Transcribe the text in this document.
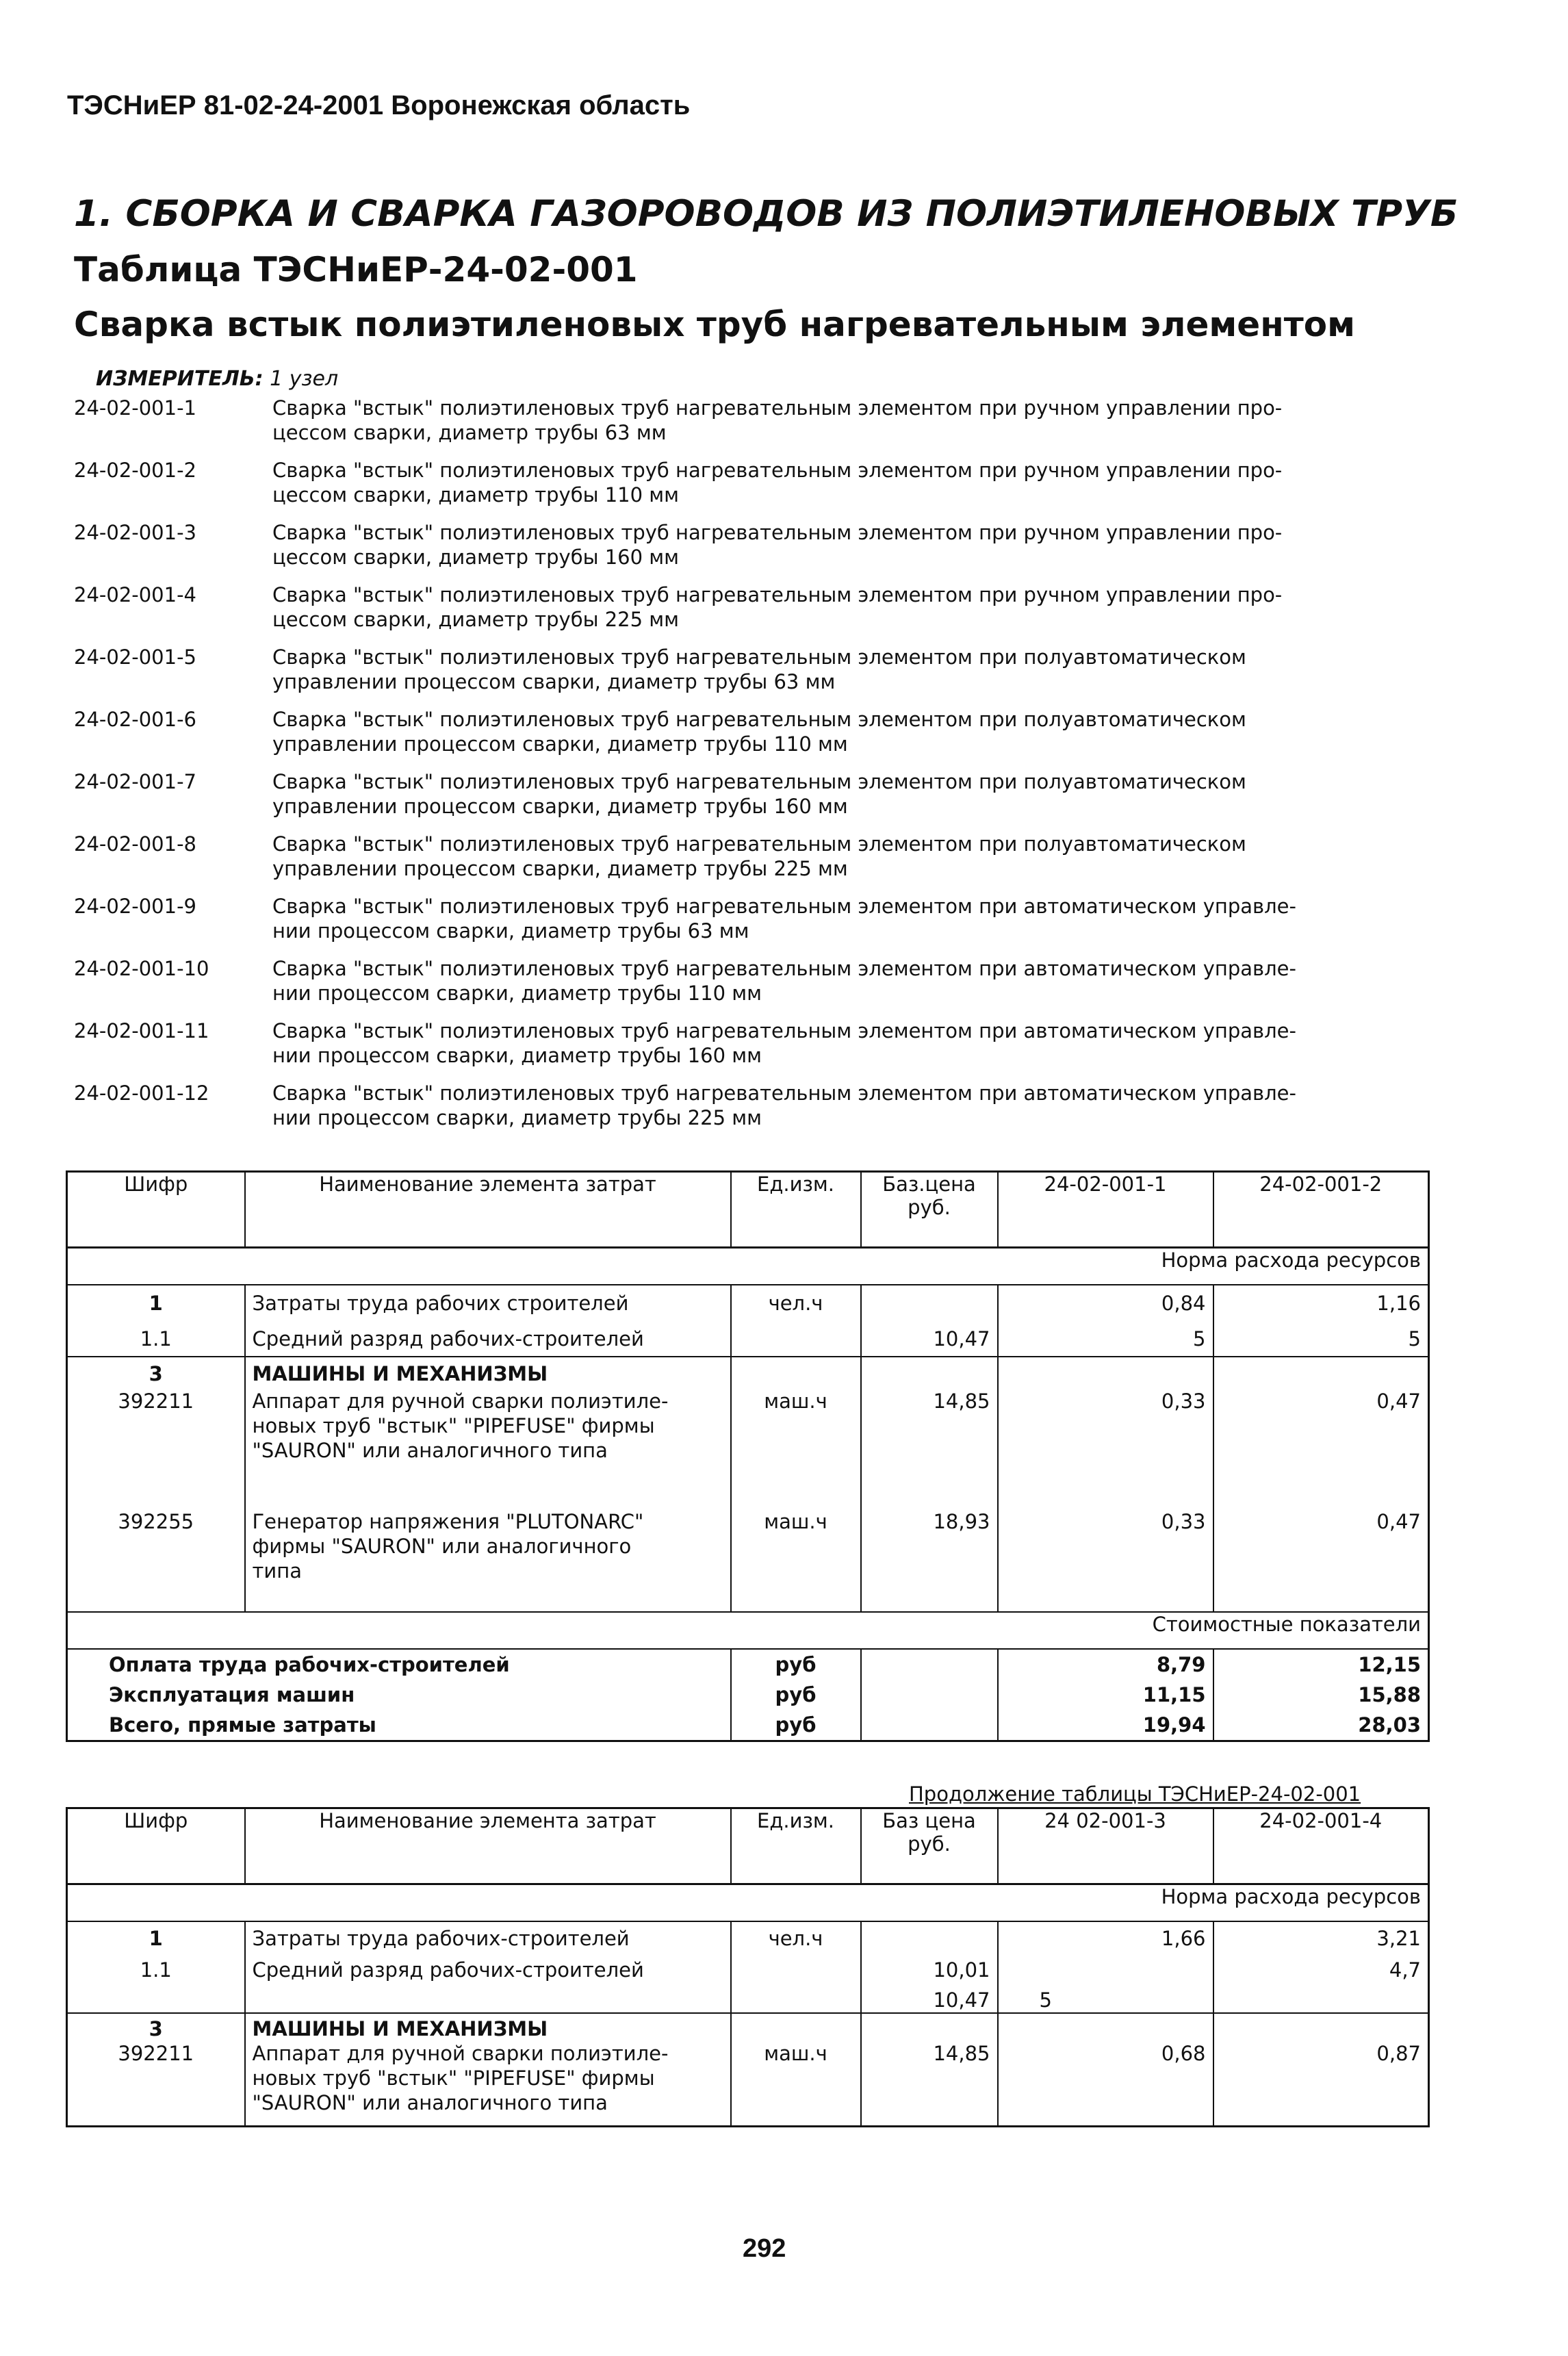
ТЭСНиЕР 81-02-24-2001 Воронежская область
1. СБОРКА И СВАРКА ГАЗОРОВОДОВ ИЗ ПОЛИЭТИЛЕНОВЫХ ТРУБ
Таблица ТЭСНиЕР-24-02-001
Сварка встык полиэтиленовых труб нагревательным элементом
ИЗМЕРИТЕЛЬ: 1 узел
24-02-001-1	Сварка "встык" полиэтиленовых труб нагревательным элементом при ручном управлении про-
цессом сварки, диаметр трубы 63 мм
24-02-001-2	Сварка "встык" полиэтиленовых труб нагревательным элементом при ручном управлении про-
цессом сварки, диаметр трубы 110 мм
24-02-001-3	Сварка "встык" полиэтиленовых труб нагревательным элементом при ручном управлении про-
цессом сварки, диаметр трубы 160 мм
24-02-001-4	Сварка "встык" полиэтиленовых труб нагревательным элементом при ручном управлении про-
цессом сварки, диаметр трубы 225 мм
24-02-001-5	Сварка "встык" полиэтиленовых труб нагревательным элементом при полуавтоматическом
управлении процессом сварки, диаметр трубы 63 мм
24-02-001-6	Сварка "встык" полиэтиленовых труб нагревательным элементом при полуавтоматическом
управлении процессом сварки, диаметр трубы 110 мм
24-02-001-7	Сварка "встык" полиэтиленовых труб нагревательным элементом при полуавтоматическом
управлении процессом сварки, диаметр трубы 160 мм
24-02-001-8	Сварка "встык" полиэтиленовых труб нагревательным элементом при полуавтоматическом
управлении процессом сварки, диаметр трубы 225 мм
24-02-001-9	Сварка "встык" полиэтиленовых труб нагревательным элементом при автоматическом управле-
нии процессом сварки, диаметр трубы 63 мм
24-02-001-10	Сварка "встык" полиэтиленовых труб нагревательным элементом при автоматическом управле-
нии процессом сварки, диаметр трубы 110 мм
24-02-001-11	Сварка "встык" полиэтиленовых труб нагревательным элементом при автоматическом управле-
нии процессом сварки, диаметр трубы 160 мм
24-02-001-12	Сварка "встык" полиэтиленовых труб нагревательным элементом при автоматическом управле-
нии процессом сварки, диаметр трубы 225 мм
Шифр	Наименование элемента затрат	Ед.изм.	Баз.цена
руб.	24-02-001-1	24-02-001-2
Норма расхода ресурсов					
1	Затраты труда рабочих строителей	чел.ч		0,84	1,16
1.1	Средний разряд рабочих-строителей		10,47	5	5
3	МАШИНЫ И МЕХАНИЗМЫ				
392211	Аппарат для ручной сварки полиэтиле-
новых труб "встык" "PIPEFUSE" фирмы
"SAURON" или аналогичного типа	маш.ч	14,85	0,33	0,47
392255	Генератор напряжения "PLUTONARC"
фирмы "SAURON" или аналогичного
типа	маш.ч	18,93	0,33	0,47
Стоимостные показатели					
Оплата труда рабочих-строителей		руб		8,79	12,15
Эксплуатация машин		руб		11,15	15,88
Всего, прямые затраты		руб		19,94	28,03
Продолжение таблицы ТЭСНиЕР-24-02-001
Шифр	Наименование элемента затрат	Ед.изм.	Баз цена
руб.	24 02-001-3	24-02-001-4
Норма расхода ресурсов					
1	Затраты труда рабочих-строителей	чел.ч		1,66	3,21
1.1	Средний разряд рабочих-строителей		10,01		4,7
			10,47	5	
3	МАШИНЫ И МЕХАНИЗМЫ				
392211	Аппарат для ручной сварки полиэтиле-
новых труб "встык" "PIPEFUSE" фирмы
"SAURON" или аналогичного типа	маш.ч	14,85	0,68	0,87
292
